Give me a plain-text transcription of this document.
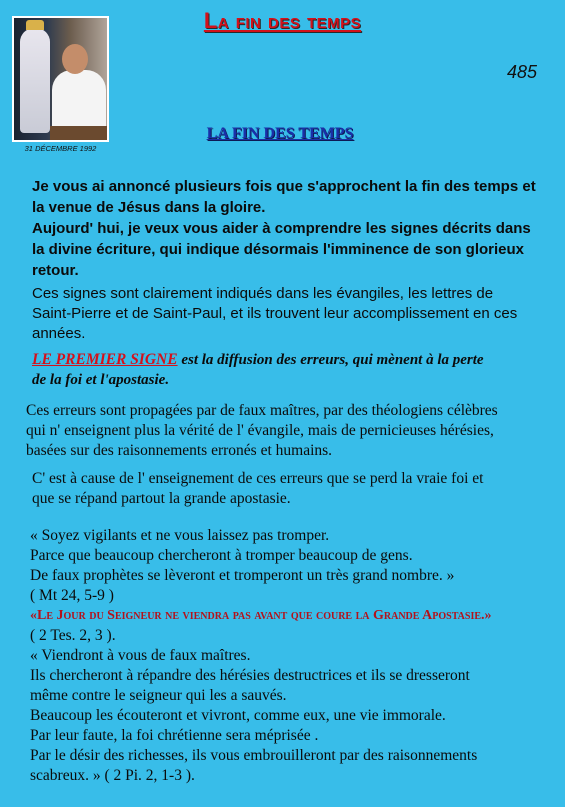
La fin des temps
485
31 DÉCEMBRE 1992
LA FIN DES TEMPS
Je vous ai annoncé plusieurs fois que s'approchent la fin des temps et
la venue de Jésus dans la gloire.
Aujourd' hui, je veux vous aider à comprendre les signes décrits dans
la divine écriture, qui indique désormais l'imminence de son glorieux
retour.
Ces signes sont clairement indiqués dans les évangiles, les lettres de
Saint-Pierre et de Saint-Paul, et ils trouvent leur accomplissement en ces
années.
LE PREMIER SIGNE est la diffusion des erreurs, qui mènent à la perte
de la foi et l'apostasie.
Ces erreurs sont propagées par de faux maîtres, par des théologiens célèbres
qui n' enseignent plus la vérité de l' évangile, mais de pernicieuses hérésies,
basées sur des raisonnements erronés et humains.
C' est à cause de l' enseignement de ces erreurs que se perd la vraie foi et
que se répand partout la grande apostasie.
« Soyez vigilants et ne vous laissez pas tromper.
Parce que beaucoup chercheront à tromper beaucoup de gens.
De faux prophètes se lèveront et tromperont un très grand nombre. »
( Mt 24, 5-9 )
«Le Jour du Seigneur ne viendra pas avant que coure la Grande Apostasie.»
( 2 Tes. 2, 3 ).
« Viendront à vous de faux maîtres.
Ils chercheront à répandre des hérésies destructrices et ils se dresseront
même contre le seigneur qui les a sauvés.
Beaucoup les écouteront et vivront, comme eux, une vie immorale.
Par leur faute, la foi chrétienne sera méprisée .
Par le désir des richesses, ils vous embrouilleront par des raisonnements
scabreux. » ( 2 Pi. 2, 1-3 ).
